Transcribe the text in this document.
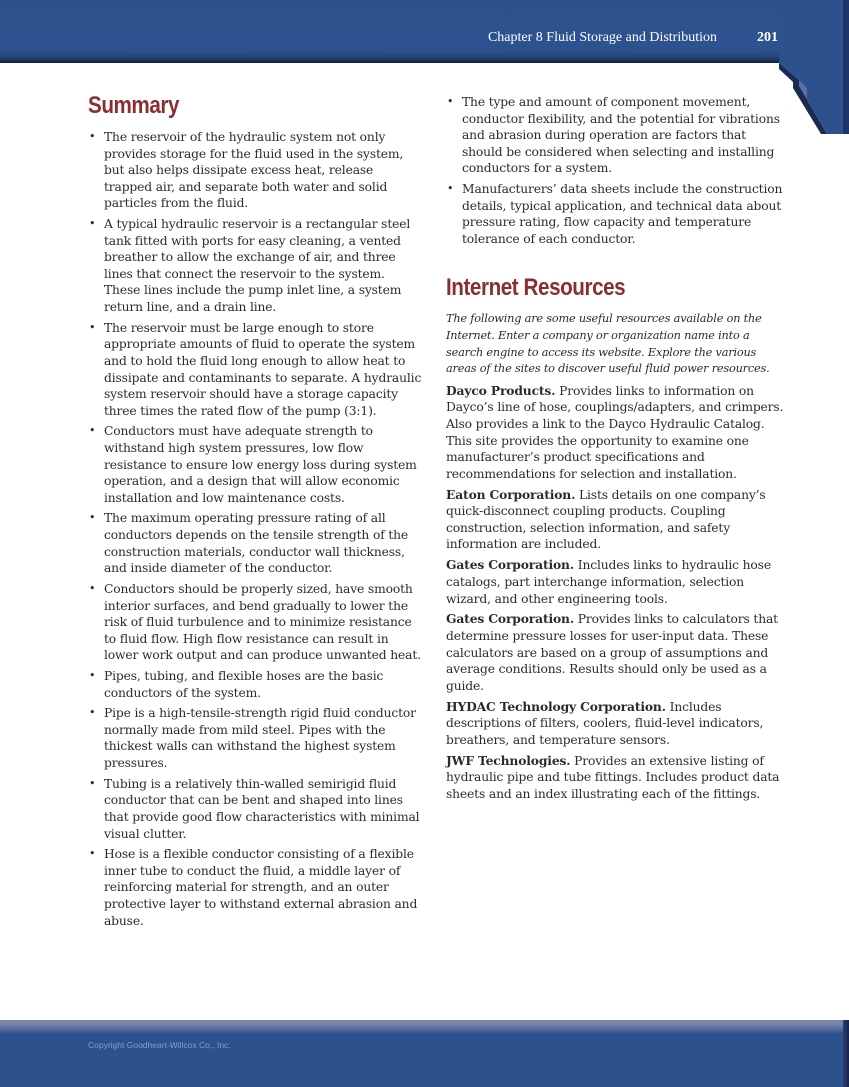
Chapter 8 Fluid Storage and Distribution	201
Summary
• The reservoir of the hydraulic system not only provides storage for the fluid used in the system, but also helps dissipate excess heat, release trapped air, and separate both water and solid particles from the fluid.
• A typical hydraulic reservoir is a rectangular steel tank fitted with ports for easy cleaning, a vented breather to allow the exchange of air, and three lines that connect the reservoir to the system. These lines include the pump inlet line, a system return line, and a drain line.
• The reservoir must be large enough to store appropriate amounts of fluid to operate the system and to hold the fluid long enough to allow heat to dissipate and contaminants to separate. A hydraulic system reservoir should have a storage capacity three times the rated flow of the pump (3:1).
• Conductors must have adequate strength to withstand high system pressures, low flow resistance to ensure low energy loss during system operation, and a design that will allow economic installation and low maintenance costs.
• The maximum operating pressure rating of all conductors depends on the tensile strength of the construction materials, conductor wall thickness, and inside diameter of the conductor.
• Conductors should be properly sized, have smooth interior surfaces, and bend gradually to lower the risk of fluid turbulence and to minimize resistance to fluid flow. High flow resistance can result in lower work output and can produce unwanted heat.
• Pipes, tubing, and flexible hoses are the basic conductors of the system.
• Pipe is a high-tensile-strength rigid fluid conductor normally made from mild steel. Pipes with the thickest walls can withstand the highest system pressures.
• Tubing is a relatively thin-walled semirigid fluid conductor that can be bent and shaped into lines that provide good flow characteristics with minimal visual clutter.
• Hose is a flexible conductor consisting of a flexible inner tube to conduct the fluid, a middle layer of reinforcing material for strength, and an outer protective layer to withstand external abrasion and abuse.
• The type and amount of component movement, conductor flexibility, and the potential for vibrations and abrasion during operation are factors that should be considered when selecting and installing conductors for a system.
• Manufacturers’ data sheets include the construction details, typical application, and technical data about pressure rating, flow capacity and temperature tolerance of each conductor.
Internet Resources

The following are some useful resources available on the Internet. Enter a company or organization name into a search engine to access its website. Explore the various areas of the sites to discover useful fluid power resources.

Dayco Products. Provides links to information on Dayco’s line of hose, couplings/adapters, and crimpers. Also provides a link to the Dayco Hydraulic Catalog. This site provides the opportunity to examine one manufacturer’s product specifications and recommendations for selection and installation.

Eaton Corporation. Lists details on one company’s quick-disconnect coupling products. Coupling construction, selection information, and safety information are included.

Gates Corporation. Includes links to hydraulic hose catalogs, part interchange information, selection wizard, and other engineering tools.

Gates Corporation. Provides links to calculators that determine pressure losses for user-input data. These calculators are based on a group of assumptions and average conditions. Results should only be used as a guide.

HYDAC Technology Corporation. Includes descriptions of filters, coolers, fluid-level indicators, breathers, and temperature sensors.

JWF Technologies. Provides an extensive listing of hydraulic pipe and tube fittings. Includes product data sheets and an index illustrating each of the fittings.

Copyright Goodheart-Willcox Co., Inc.
